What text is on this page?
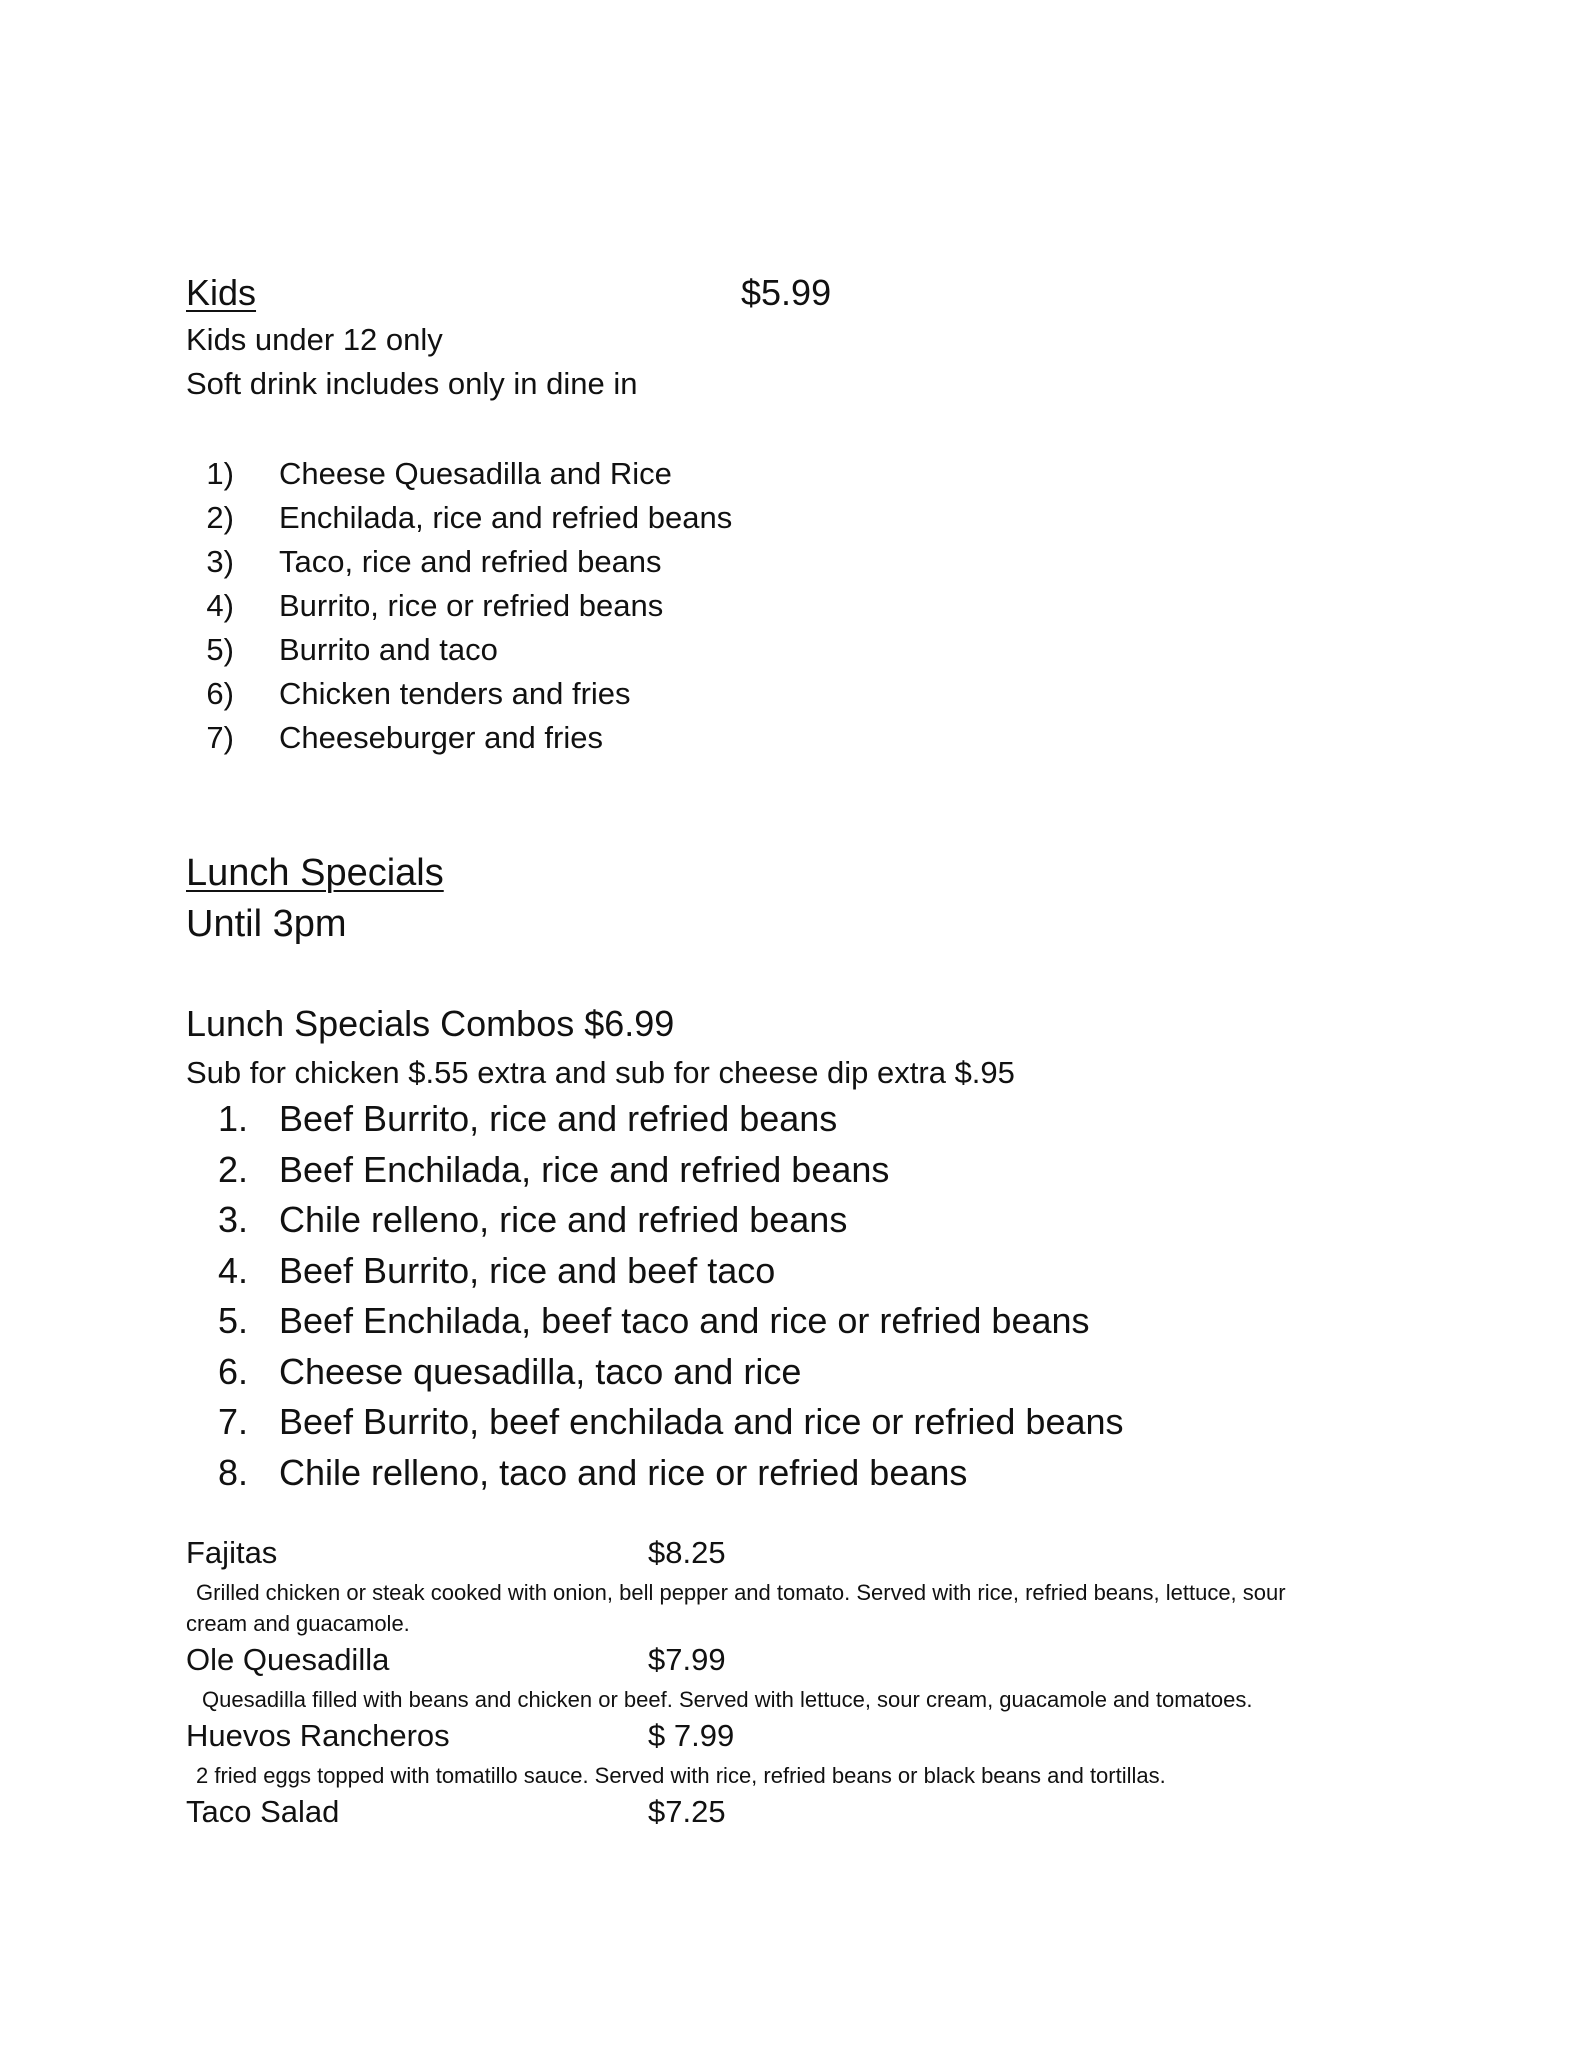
Kids	$5.99
Kids under 12 only
Soft drink includes only in dine in
1) Cheese Quesadilla and Rice
2) Enchilada, rice and refried beans
3) Taco, rice and refried beans
4) Burrito, rice or refried beans
5) Burrito and taco
6) Chicken tenders and fries
7) Cheeseburger and fries
Lunch Specials
Until 3pm
Lunch Specials Combos $6.99
Sub for chicken $.55 extra and sub for cheese dip extra $.95
1. Beef Burrito, rice and refried beans
2. Beef Enchilada, rice and refried beans
3. Chile relleno, rice and refried beans
4. Beef Burrito, rice and beef taco
5. Beef Enchilada, beef taco and rice or refried beans
6. Cheese quesadilla, taco and rice
7. Beef Burrito, beef enchilada and rice or refried beans
8. Chile relleno, taco and rice or refried beans
Fajitas	$8.25
Grilled chicken or steak cooked with onion, bell pepper and tomato. Served with rice, refried beans, lettuce, sour
cream and guacamole.
Ole Quesadilla	$7.99
Quesadilla filled with beans and chicken or beef. Served with lettuce, sour cream, guacamole and tomatoes.
Huevos Rancheros	$ 7.99
2 fried eggs topped with tomatillo sauce. Served with rice, refried beans or black beans and tortillas.
Taco Salad	$7.25
